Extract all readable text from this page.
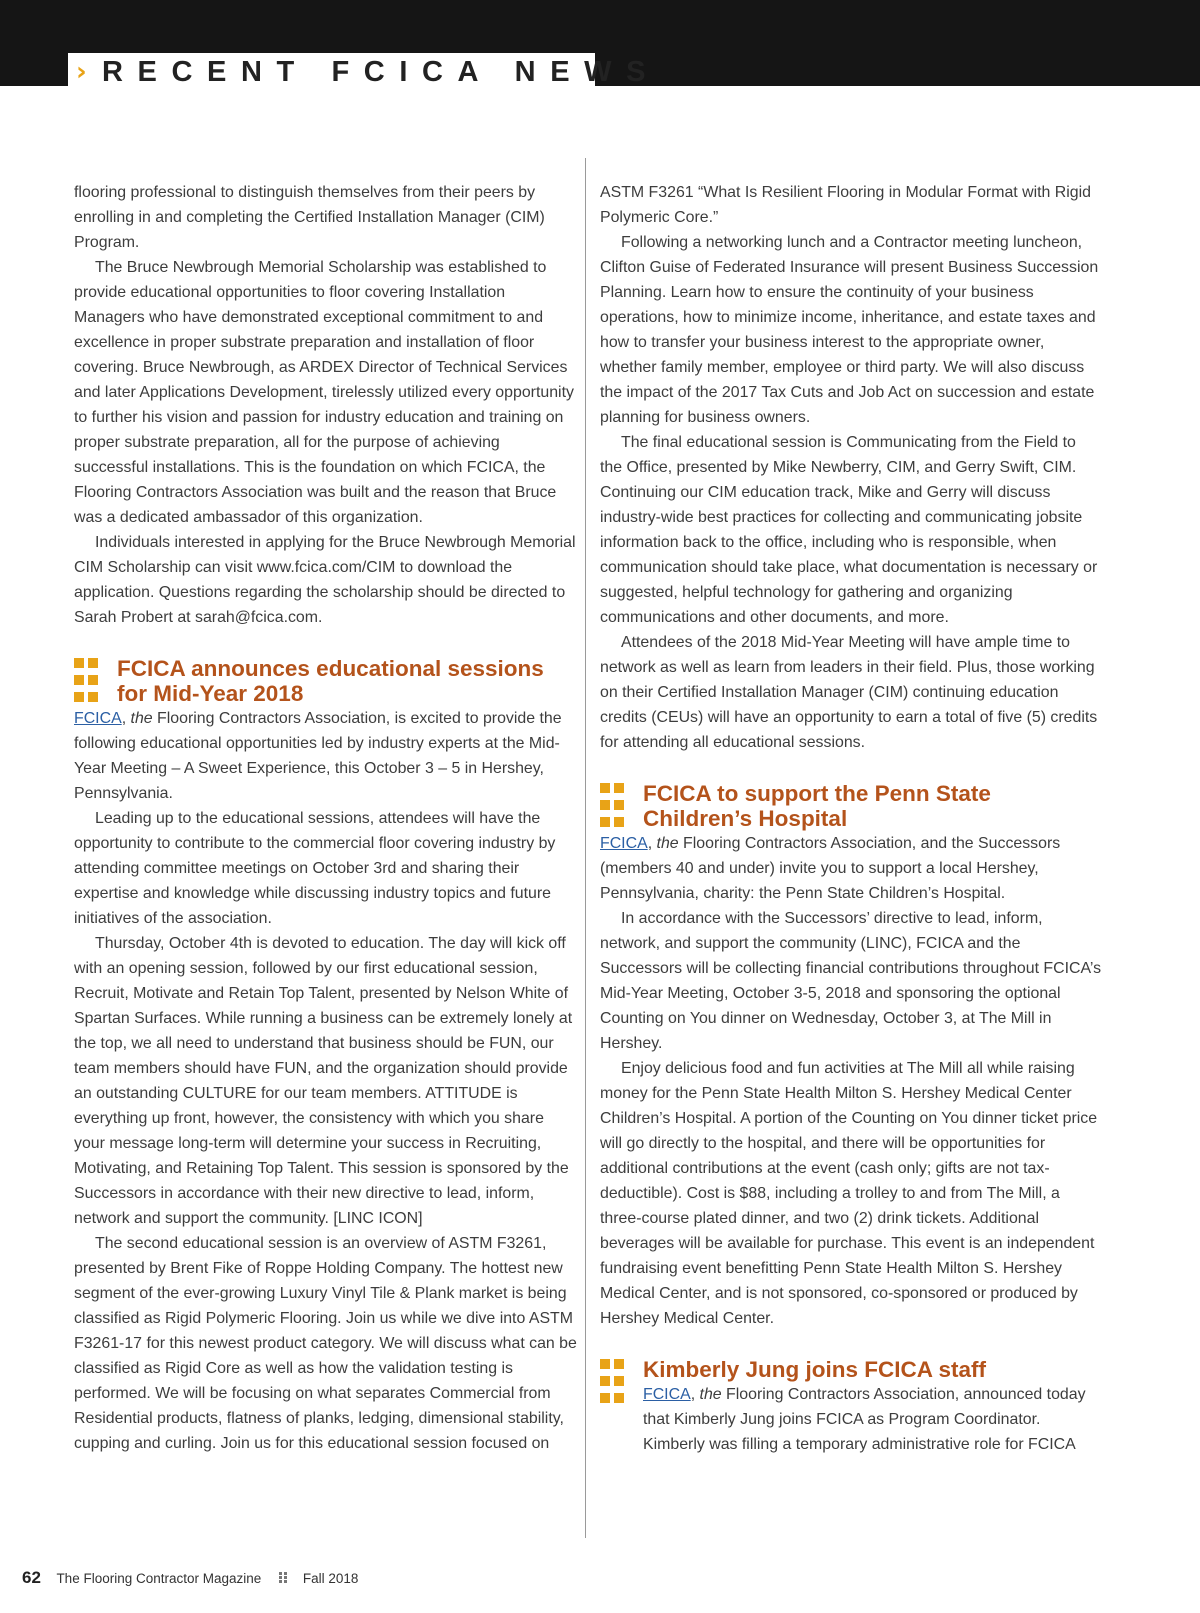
› RECENT FCICA NEWS

flooring professional to distinguish themselves from their peers by enrolling in and completing the Certified Installation Manager (CIM) Program.

The Bruce Newbrough Memorial Scholarship was established to provide educational opportunities to floor covering Installation Managers who have demonstrated exceptional commitment to and excellence in proper substrate preparation and installation of floor covering. Bruce Newbrough, as ARDEX Director of Technical Services and later Applications Development, tirelessly utilized every opportunity to further his vision and passion for industry education and training on proper substrate preparation, all for the purpose of achieving successful installations. This is the foundation on which FCICA, the Flooring Contractors Association was built and the reason that Bruce was a dedicated ambassador of this organization.

Individuals interested in applying for the Bruce Newbrough Memorial CIM Scholarship can visit www.fcica.com/CIM to download the application. Questions regarding the scholarship should be directed to Sarah Probert at sarah@fcica.com.

FCICA announces educational sessions for Mid-Year 2018

FCICA, the Flooring Contractors Association, is excited to provide the following educational opportunities led by industry experts at the Mid-Year Meeting – A Sweet Experience, this October 3 – 5 in Hershey, Pennsylvania.

Leading up to the educational sessions, attendees will have the opportunity to contribute to the commercial floor covering industry by attending committee meetings on October 3rd and sharing their expertise and knowledge while discussing industry topics and future initiatives of the association.

Thursday, October 4th is devoted to education. The day will kick off with an opening session, followed by our first educational session, Recruit, Motivate and Retain Top Talent, presented by Nelson White of Spartan Surfaces. While running a business can be extremely lonely at the top, we all need to understand that business should be FUN, our team members should have FUN, and the organization should provide an outstanding CULTURE for our team members. ATTITUDE is everything up front, however, the consistency with which you share your message long-term will determine your success in Recruiting, Motivating, and Retaining Top Talent. This session is sponsored by the Successors in accordance with their new directive to lead, inform, network and support the community. [LINC ICON]

The second educational session is an overview of ASTM F3261, presented by Brent Fike of Roppe Holding Company. The hottest new segment of the ever-growing Luxury Vinyl Tile & Plank market is being classified as Rigid Polymeric Flooring. Join us while we dive into ASTM F3261-17 for this newest product category. We will discuss what can be classified as Rigid Core as well as how the validation testing is performed. We will be focusing on what separates Commercial from Residential products, flatness of planks, ledging, dimensional stability, cupping and curling. Join us for this educational session focused on

ASTM F3261 “What Is Resilient Flooring in Modular Format with Rigid Polymeric Core.”

Following a networking lunch and a Contractor meeting luncheon, Clifton Guise of Federated Insurance will present Business Succession Planning. Learn how to ensure the continuity of your business operations, how to minimize income, inheritance, and estate taxes and how to transfer your business interest to the appropriate owner, whether family member, employee or third party. We will also discuss the impact of the 2017 Tax Cuts and Job Act on succession and estate planning for business owners.

The final educational session is Communicating from the Field to the Office, presented by Mike Newberry, CIM, and Gerry Swift, CIM. Continuing our CIM education track, Mike and Gerry will discuss industry-wide best practices for collecting and communicating jobsite information back to the office, including who is responsible, when communication should take place, what documentation is necessary or suggested, helpful technology for gathering and organizing communications and other documents, and more.

Attendees of the 2018 Mid-Year Meeting will have ample time to network as well as learn from leaders in their field. Plus, those working on their Certified Installation Manager (CIM) continuing education credits (CEUs) will have an opportunity to earn a total of five (5) credits for attending all educational sessions.

FCICA to support the Penn State Children’s Hospital

FCICA, the Flooring Contractors Association, and the Successors (members 40 and under) invite you to support a local Hershey, Pennsylvania, charity: the Penn State Children’s Hospital.

In accordance with the Successors’ directive to lead, inform, network, and support the community (LINC), FCICA and the Successors will be collecting financial contributions throughout FCICA’s Mid-Year Meeting, October 3-5, 2018 and sponsoring the optional Counting on You dinner on Wednesday, October 3, at The Mill in Hershey.

Enjoy delicious food and fun activities at The Mill all while raising money for the Penn State Health Milton S. Hershey Medical Center Children’s Hospital. A portion of the Counting on You dinner ticket price will go directly to the hospital, and there will be opportunities for additional contributions at the event (cash only; gifts are not tax-deductible). Cost is $88, including a trolley to and from The Mill, a three-course plated dinner, and two (2) drink tickets. Additional beverages will be available for purchase. This event is an independent fundraising event benefitting Penn State Health Milton S. Hershey Medical Center, and is not sponsored, co-sponsored or produced by Hershey Medical Center.

Kimberly Jung joins FCICA staff

FCICA, the Flooring Contractors Association, announced today that Kimberly Jung joins FCICA as Program Coordinator. Kimberly was filling a temporary administrative role for FCICA

62 The Flooring Contractor Magazine	Fall 2018
